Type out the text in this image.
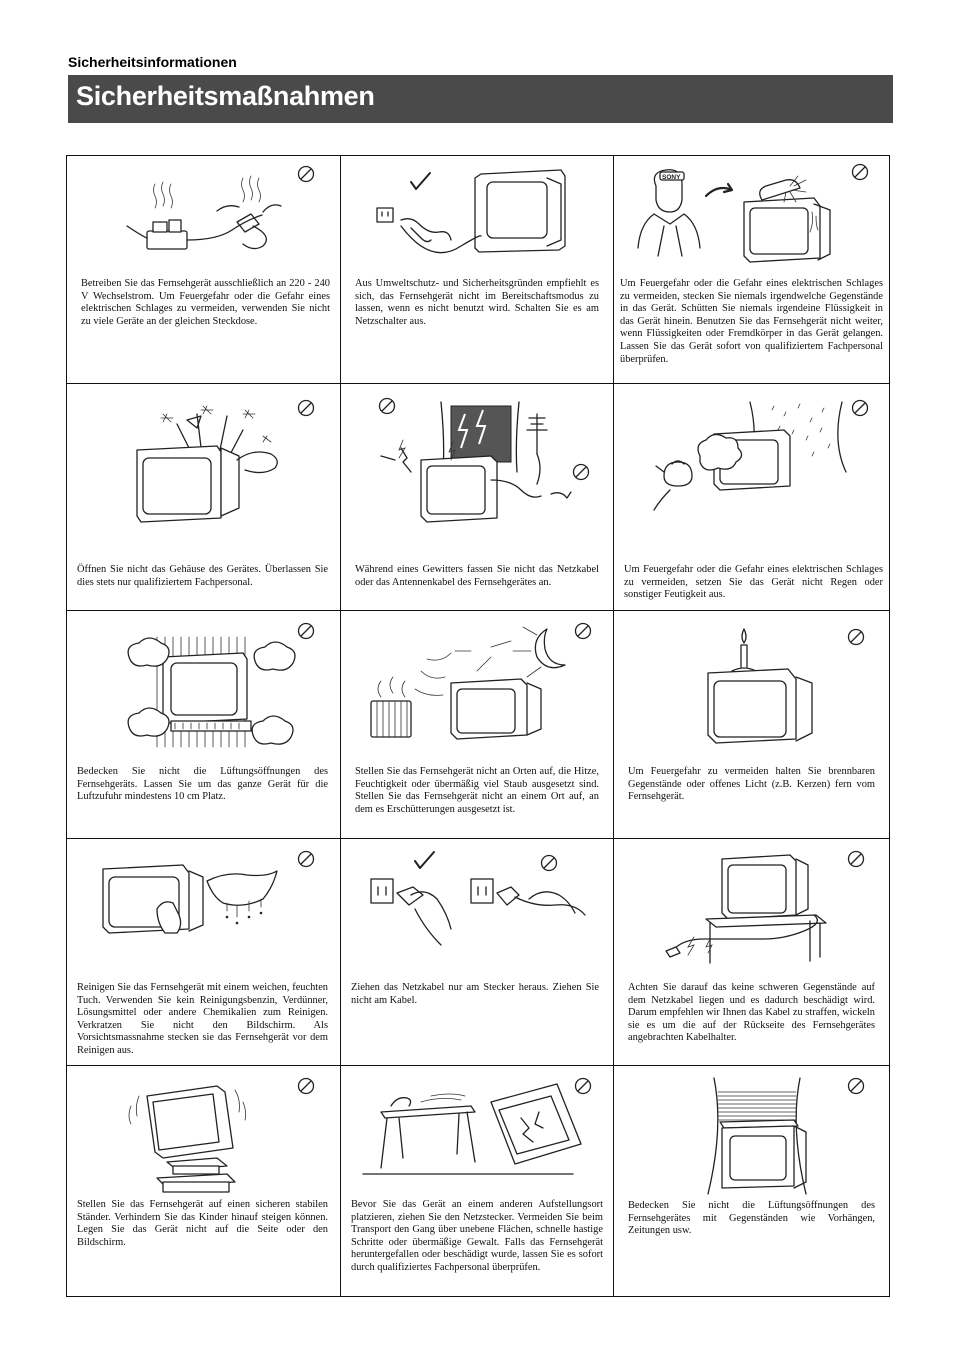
Sicherheitsinformationen
Sicherheitsmaßnahmen

Betreiben Sie das Fernsehgerät ausschließlich an 220 - 240 V Wechselstrom. Um Feuergefahr oder die Gefahr eines elektrischen Schlages zu vermeiden, verwenden Sie nicht zu viele Geräte an der gleichen Steckdose.

Aus Umweltschutz- und Sicherheitsgründen empfiehlt es sich, das Fernsehgerät nicht im Bereitschaftsmodus zu lassen, wenn es nicht benutzt wird. Schalten Sie es am Netzschalter aus.

SONY

Um Feuergefahr oder die Gefahr eines elektrischen Schlages zu vermeiden, stecken Sie niemals irgendwelche Gegenstände in das Gerät. Schütten Sie niemals irgendeine Flüssigkeit in das Gerät hinein. Benutzen Sie das Fernsehgerät nicht weiter, wenn Flüssigkeiten oder Fremdkörper in das Gerät gelangen. Lassen Sie das Gerät sofort von qualifiziertem Fachpersonal überprüfen.

Öffnen Sie nicht das Gehäuse des Gerätes. Überlassen Sie dies stets nur qualifiziertem Fachpersonal.

Während eines Gewitters fassen Sie nicht das Netzkabel oder das Antennenkabel des Fernsehgerätes an.

Um Feuergefahr oder die Gefahr eines elektrischen Schlages zu vermeiden, setzen Sie das Gerät nicht Regen oder sonstiger Feutigkeit aus.

Bedecken Sie nicht die Lüftungsöffnungen des Fernsehgeräts. Lassen Sie um das ganze Gerät für die Luftzufuhr mindestens 10 cm Platz.

Stellen Sie das Fernsehgerät nicht an Orten auf, die Hitze, Feuchtigkeit oder übermäßig viel Staub ausgesetzt sind. Stellen Sie das Fernsehgerät nicht an einem Ort auf, an dem es Erschütterungen ausgesetzt ist.

Um Feuergefahr zu vermeiden halten Sie brennbaren Gegenstände oder offenes Licht (z.B. Kerzen) fern vom Fernsehgerät.

Reinigen Sie das Fernsehgerät mit einem weichen, feuchten Tuch. Verwenden Sie kein Reinigungsbenzin, Verdünner, Lösungsmittel oder andere Chemikalien zum Reinigen. Verkratzen Sie nicht den Bildschirm. Als Vorsichtsmassnahme stecken sie das Fernsehgerät vor dem Reinigen aus.

Ziehen das Netzkabel nur am Stecker heraus. Ziehen Sie nicht am Kabel.

Achten Sie darauf das keine schweren Gegenstände auf dem Netzkabel liegen und es dadurch beschädigt wird. Darum empfehlen wir Ihnen das Kabel zu straffen, wickeln sie es um die auf der Rückseite des Fernsehgerätes angebrachten Kabelhalter.

Stellen Sie das Fernsehgerät auf einen sicheren stabilen Ständer. Verhindern Sie das Kinder hinauf steigen können. Legen Sie das Gerät nicht auf die Seite oder den Bildschirm.

Bevor Sie das Gerät an einem anderen Aufstellungsort platzieren, ziehen Sie den Netzstecker. Vermeiden Sie beim Transport den Gang über unebene Flächen, schnelle hastige Schritte oder übermäßige Gewalt. Falls das Fernsehgerät heruntergefallen oder beschädigt wurde, lassen Sie es sofort durch qualifiziertes Fachpersonal überprüfen.

Bedecken Sie nicht die Lüftungsöffnungen des Fernsehgerätes mit Gegenständen wie Vorhängen, Zeitungen usw.
